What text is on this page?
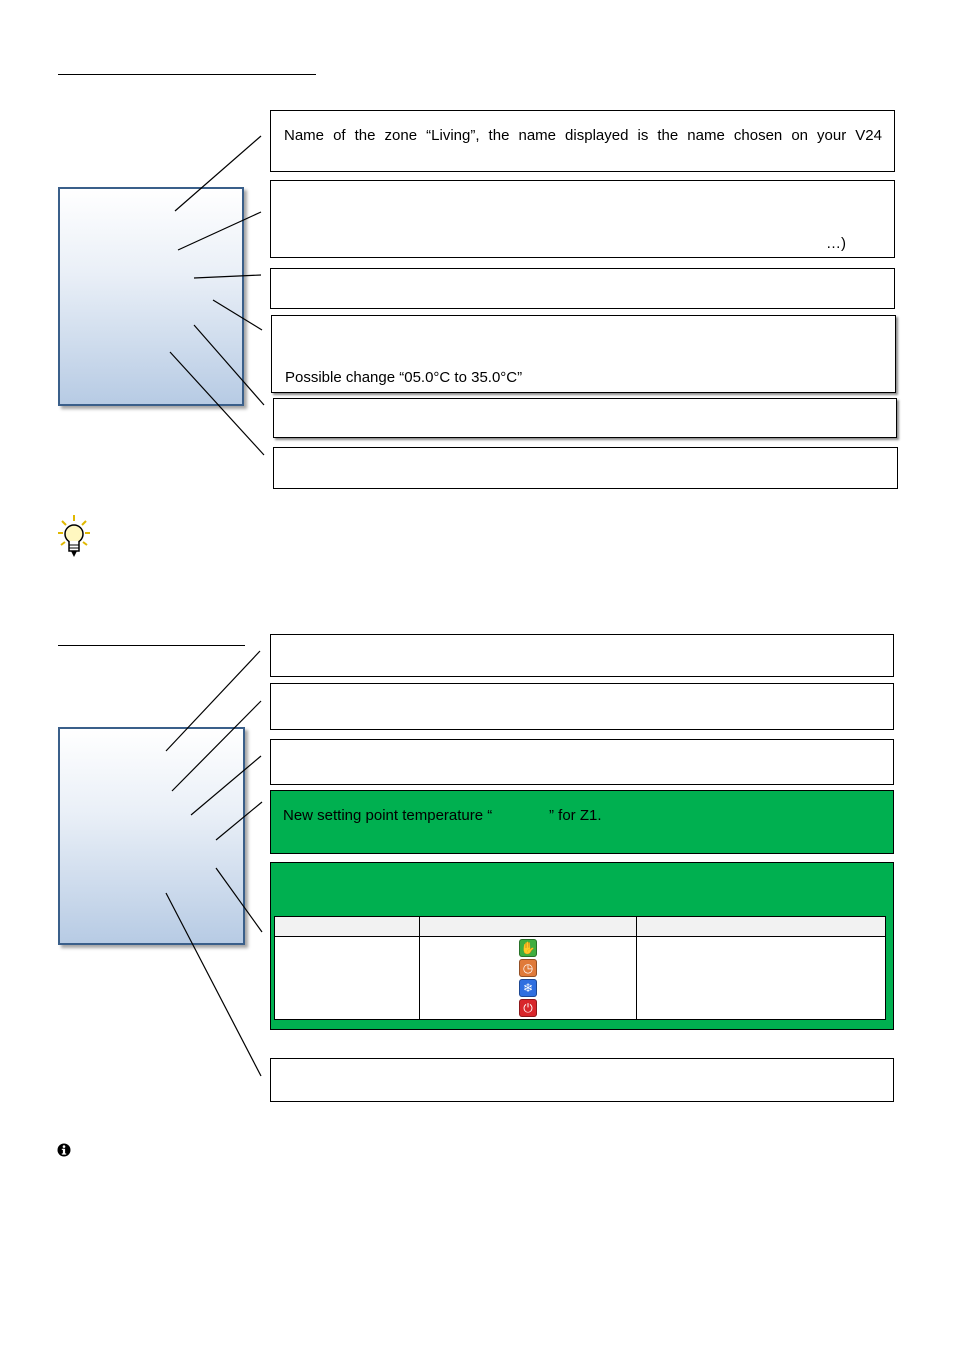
Name of the zone “Living”, the name displayed is the name chosen on your V24
…)
Possible change “05.0°C to 35.0°C”
New setting point temperature “	” for Z1.

	✋
◷
❄
⏻	
